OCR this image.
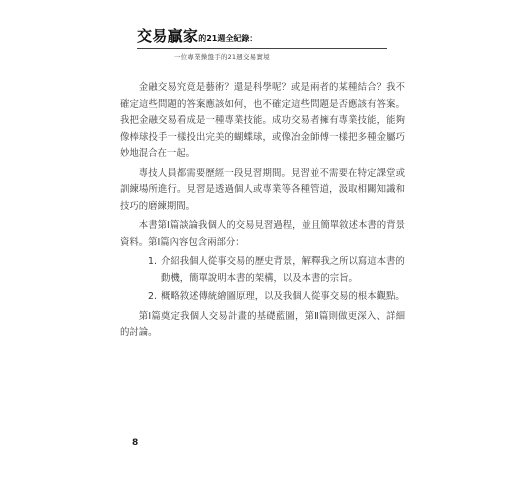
交易贏家的21週全紀錄：
一位專業操盤手的21週交易實境

金融交易究竟是藝術？還是科學呢？或是兩者的某種結合？我不確定這些問題的答案應該如何，也不確定這些問題是否應該有答案。我把金融交易看成是一種專業技能。成功交易者擁有專業技能，能夠像棒球投手一樣投出完美的蝴蝶球，或像冶金師傅一樣把多種金屬巧妙地混合在一起。

專技人員都需要歷經一段見習期間。見習並不需要在特定課堂或訓練場所進行。見習是透過個人或專業等各種管道，汲取相關知識和技巧的磨練期間。

本書第Ⅰ篇談論我個人的交易見習過程，並且簡單敘述本書的背景資料。第Ⅰ篇內容包含兩部分：

1. 介紹我個人從事交易的歷史背景，解釋我之所以寫這本書的動機，簡單說明本書的架構，以及本書的宗旨。
2. 概略敘述傳統繪圖原理，以及我個人從事交易的根本觀點。

第Ⅰ篇奠定我個人交易計畫的基礎藍圖，第Ⅱ篇則做更深入、詳細的討論。

8
